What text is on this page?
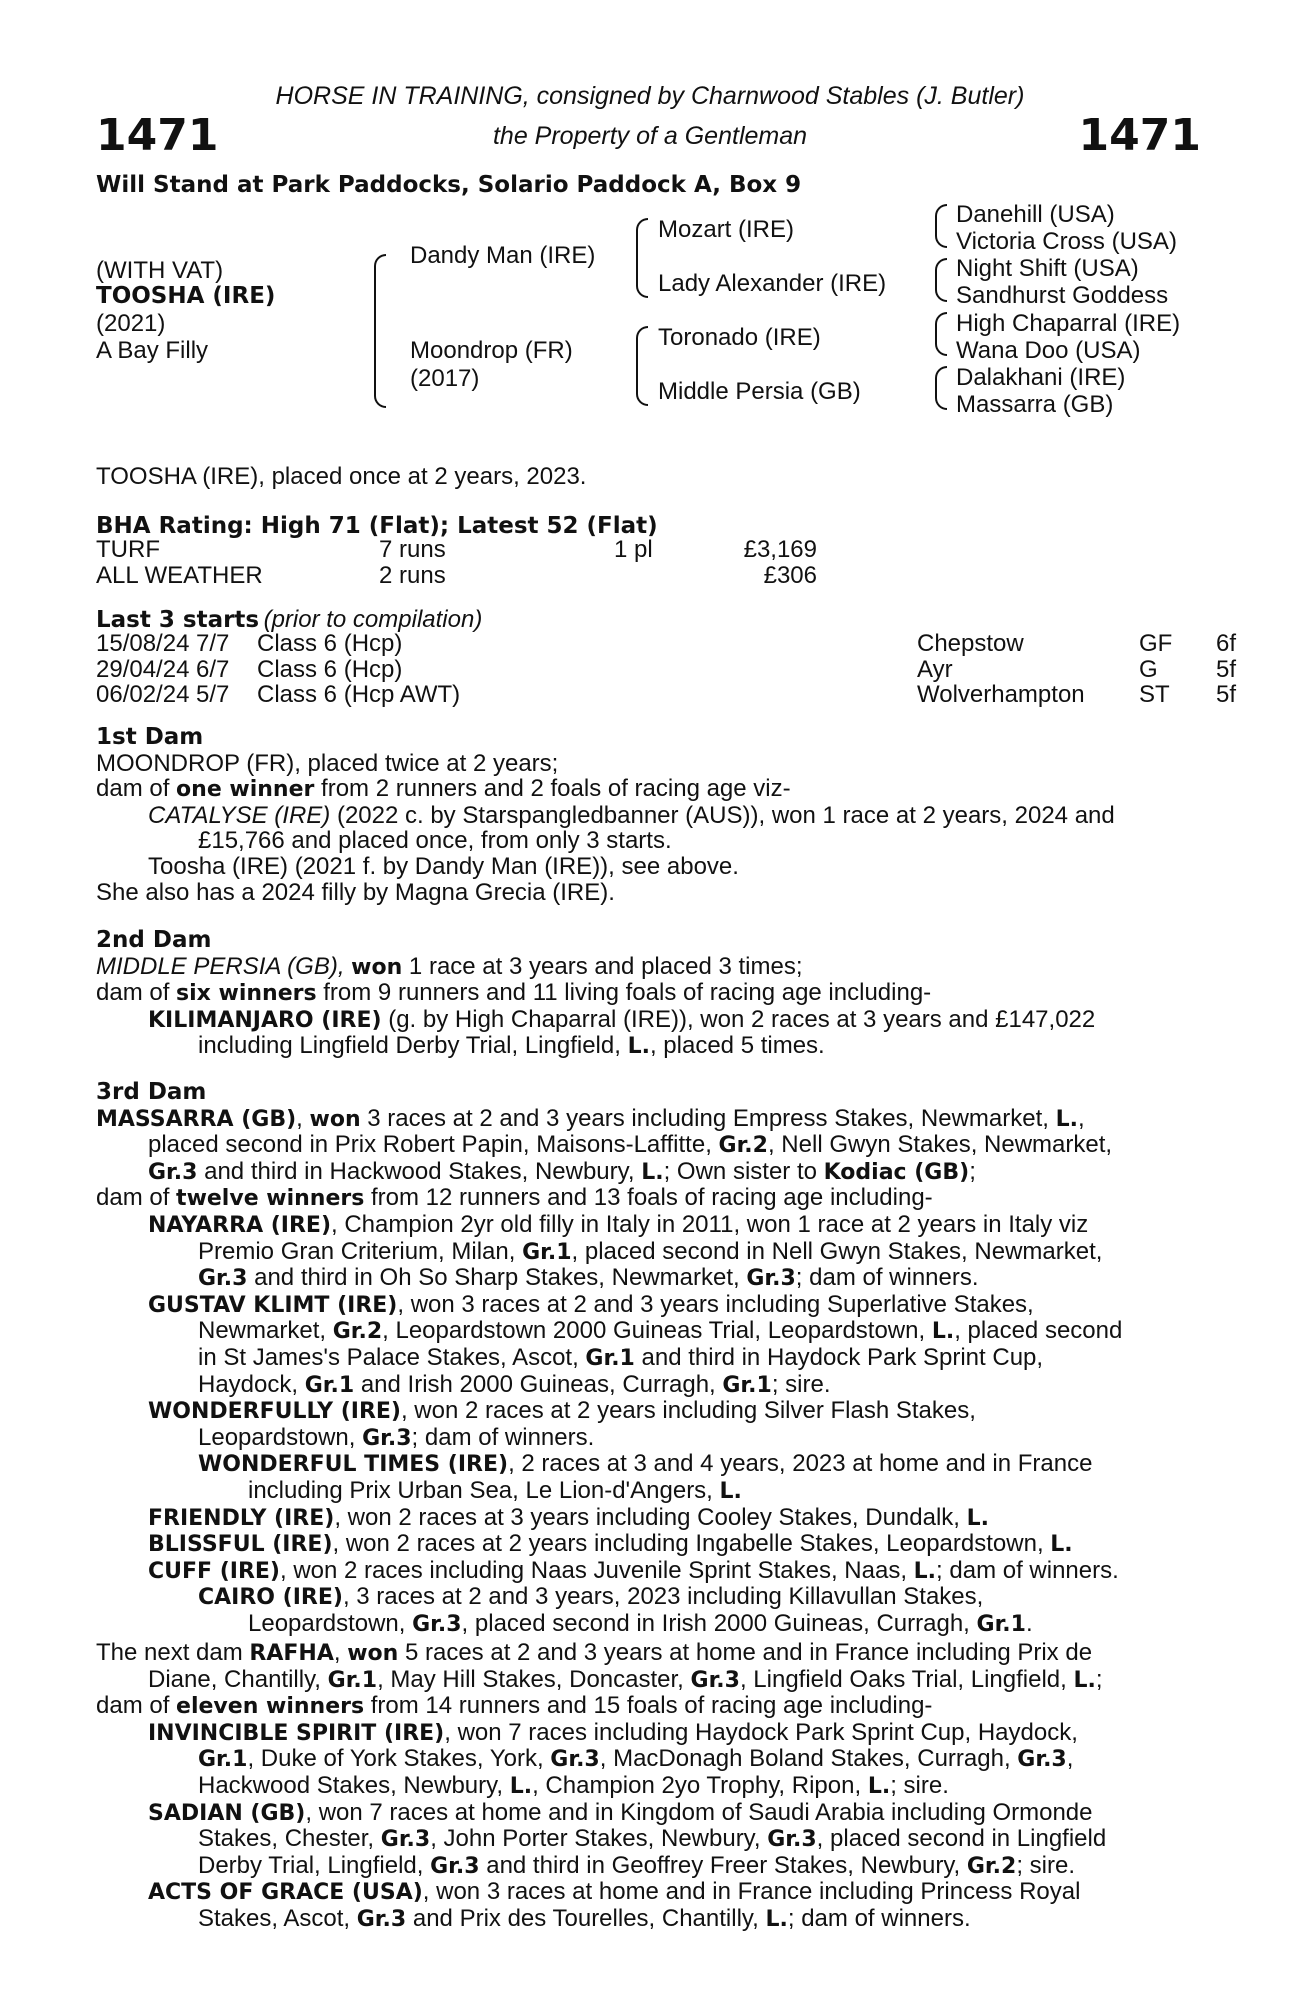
1471	1471
HORSE IN TRAINING, consigned by Charnwood Stables (J. Butler)
the Property of a Gentleman
Will Stand at Park Paddocks, Solario Paddock A, Box 9
(WITH VAT)
TOOSHA (IRE)
(2021)
A Bay Filly
Dandy Man (IRE)
Moondrop (FR)
(2017)
Mozart (IRE)
Lady Alexander (IRE)
Toronado (IRE)
Middle Persia (GB)
Danehill (USA)
Victoria Cross (USA)
Night Shift (USA)
Sandhurst Goddess
High Chaparral (IRE)
Wana Doo (USA)
Dalakhani (IRE)
Massarra (GB)
TOOSHA (IRE), placed once at 2 years, 2023.
BHA Rating: High 71 (Flat); Latest 52 (Flat)
TURF	7 runs	1 pl	£3,169
ALL WEATHER	2 runs		£306
Last 3 starts (prior to compilation)
15/08/24	7/7	Class 6 (Hcp)	Chepstow	GF	6f
29/04/24	6/7	Class 6 (Hcp)	Ayr	G	5f
06/02/24	5/7	Class 6 (Hcp AWT)	Wolverhampton	ST	5f
1st Dam
MOONDROP (FR), placed twice at 2 years;
dam of one winner from 2 runners and 2 foals of racing age viz-
CATALYSE (IRE) (2022 c. by Starspangledbanner (AUS)), won 1 race at 2 years, 2024 and
£15,766 and placed once, from only 3 starts.
Toosha (IRE) (2021 f. by Dandy Man (IRE)), see above.
She also has a 2024 filly by Magna Grecia (IRE).
2nd Dam
MIDDLE PERSIA (GB), won 1 race at 3 years and placed 3 times;
dam of six winners from 9 runners and 11 living foals of racing age including-
KILIMANJARO (IRE) (g. by High Chaparral (IRE)), won 2 races at 3 years and £147,022
including Lingfield Derby Trial, Lingfield, L., placed 5 times.
3rd Dam
MASSARRA (GB), won 3 races at 2 and 3 years including Empress Stakes, Newmarket, L.,
placed second in Prix Robert Papin, Maisons-Laffitte, Gr.2, Nell Gwyn Stakes, Newmarket,
Gr.3 and third in Hackwood Stakes, Newbury, L.; Own sister to Kodiac (GB);
dam of twelve winners from 12 runners and 13 foals of racing age including-
NAYARRA (IRE), Champion 2yr old filly in Italy in 2011, won 1 race at 2 years in Italy viz
Premio Gran Criterium, Milan, Gr.1, placed second in Nell Gwyn Stakes, Newmarket,
Gr.3 and third in Oh So Sharp Stakes, Newmarket, Gr.3; dam of winners.
GUSTAV KLIMT (IRE), won 3 races at 2 and 3 years including Superlative Stakes,
Newmarket, Gr.2, Leopardstown 2000 Guineas Trial, Leopardstown, L., placed second
in St James's Palace Stakes, Ascot, Gr.1 and third in Haydock Park Sprint Cup,
Haydock, Gr.1 and Irish 2000 Guineas, Curragh, Gr.1; sire.
WONDERFULLY (IRE), won 2 races at 2 years including Silver Flash Stakes,
Leopardstown, Gr.3; dam of winners.
WONDERFUL TIMES (IRE), 2 races at 3 and 4 years, 2023 at home and in France
including Prix Urban Sea, Le Lion-d'Angers, L.
FRIENDLY (IRE), won 2 races at 3 years including Cooley Stakes, Dundalk, L.
BLISSFUL (IRE), won 2 races at 2 years including Ingabelle Stakes, Leopardstown, L.
CUFF (IRE), won 2 races including Naas Juvenile Sprint Stakes, Naas, L.; dam of winners.
CAIRO (IRE), 3 races at 2 and 3 years, 2023 including Killavullan Stakes,
Leopardstown, Gr.3, placed second in Irish 2000 Guineas, Curragh, Gr.1.
The next dam RAFHA, won 5 races at 2 and 3 years at home and in France including Prix de
Diane, Chantilly, Gr.1, May Hill Stakes, Doncaster, Gr.3, Lingfield Oaks Trial, Lingfield, L.;
dam of eleven winners from 14 runners and 15 foals of racing age including-
INVINCIBLE SPIRIT (IRE), won 7 races including Haydock Park Sprint Cup, Haydock,
Gr.1, Duke of York Stakes, York, Gr.3, MacDonagh Boland Stakes, Curragh, Gr.3,
Hackwood Stakes, Newbury, L., Champion 2yo Trophy, Ripon, L.; sire.
SADIAN (GB), won 7 races at home and in Kingdom of Saudi Arabia including Ormonde
Stakes, Chester, Gr.3, John Porter Stakes, Newbury, Gr.3, placed second in Lingfield
Derby Trial, Lingfield, Gr.3 and third in Geoffrey Freer Stakes, Newbury, Gr.2; sire.
ACTS OF GRACE (USA), won 3 races at home and in France including Princess Royal
Stakes, Ascot, Gr.3 and Prix des Tourelles, Chantilly, L.; dam of winners.
